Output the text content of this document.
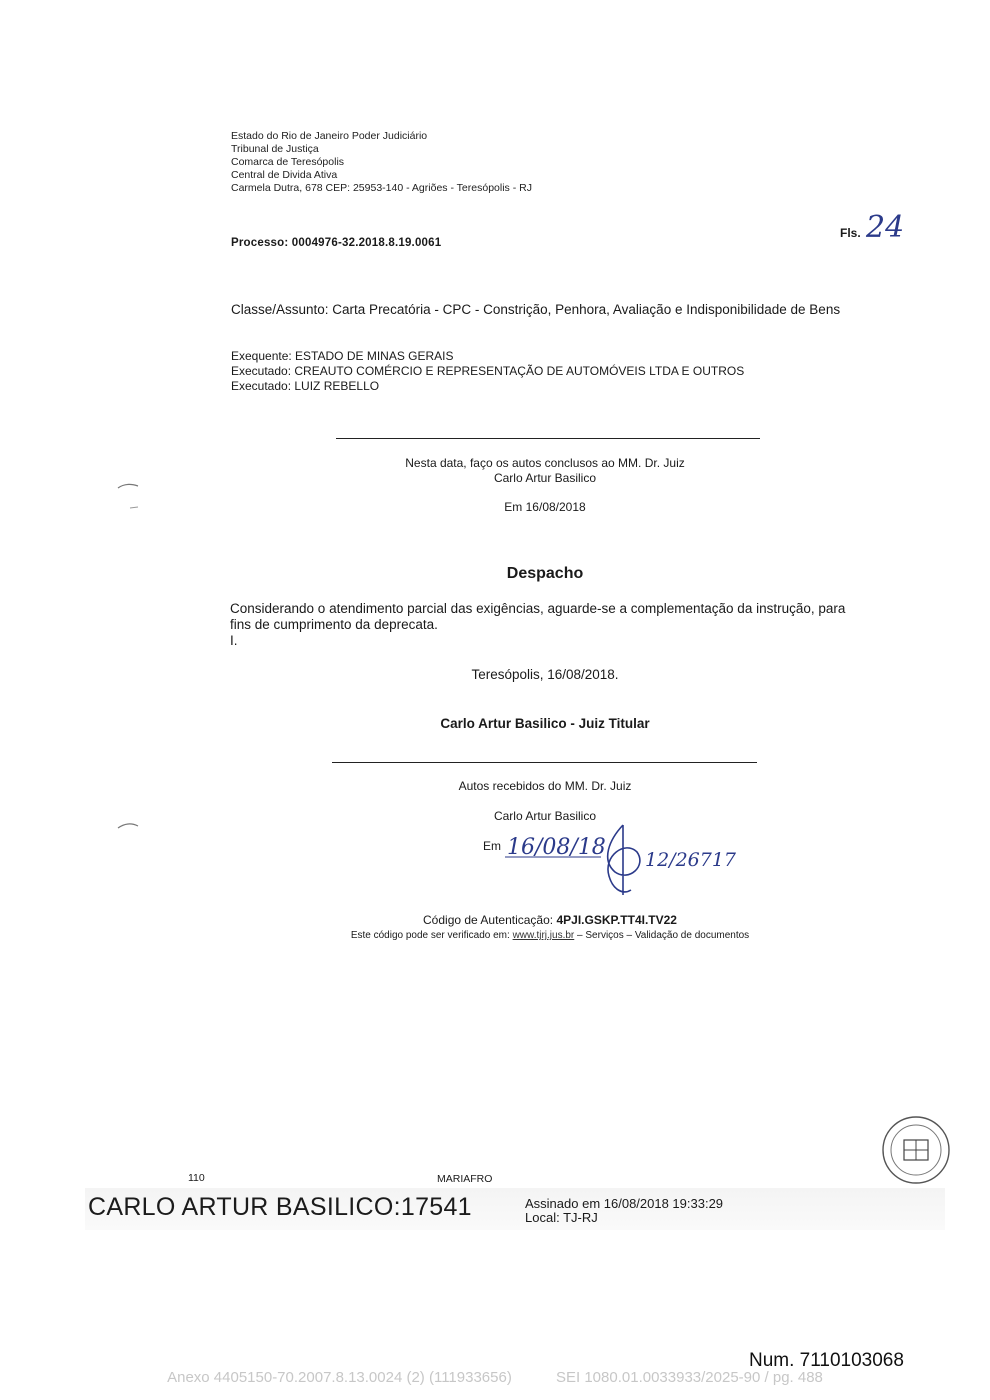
Estado do Rio de Janeiro Poder Judiciário
Tribunal de Justiça
Comarca de Teresópolis
Central de Divida Ativa
Carmela Dutra, 678 CEP: 25953-140 - Agriões - Teresópolis - RJ
Processo: 0004976-32.2018.8.19.0061
Fls. 24
Classe/Assunto: Carta Precatória - CPC - Constrição, Penhora, Avaliação e Indisponibilidade de Bens
Exequente: ESTADO DE MINAS GERAIS
Executado: CREAUTO COMÉRCIO E REPRESENTAÇÃO DE AUTOMÓVEIS LTDA E OUTROS
Executado: LUIZ REBELLO
Nesta data, faço os autos conclusos ao MM. Dr. Juiz
Carlo Artur Basilico
Em 16/08/2018
Despacho
Considerando o atendimento parcial das exigências, aguarde-se a complementação da instrução, para fins de cumprimento da deprecata.
I.
Teresópolis, 16/08/2018.
Carlo Artur Basilico - Juiz Titular
Autos recebidos do MM. Dr. Juiz
Carlo Artur Basilico
Em 16/08/18 12/26717
Código de Autenticação: 4PJI.GSKP.TT4I.TV22
Este código pode ser verificado em: www.tjrj.jus.br – Serviços – Validação de documentos
110	MARIAFRO
CARLO ARTUR BASILICO:17541	Assinado em 16/08/2018 19:33:29
Local: TJ-RJ
Num. 7110103068
Anexo 4405150-70.2007.8.13.0024 (2) (111933656)	SEI 1080.01.0033933/2025-90 / pg. 488
